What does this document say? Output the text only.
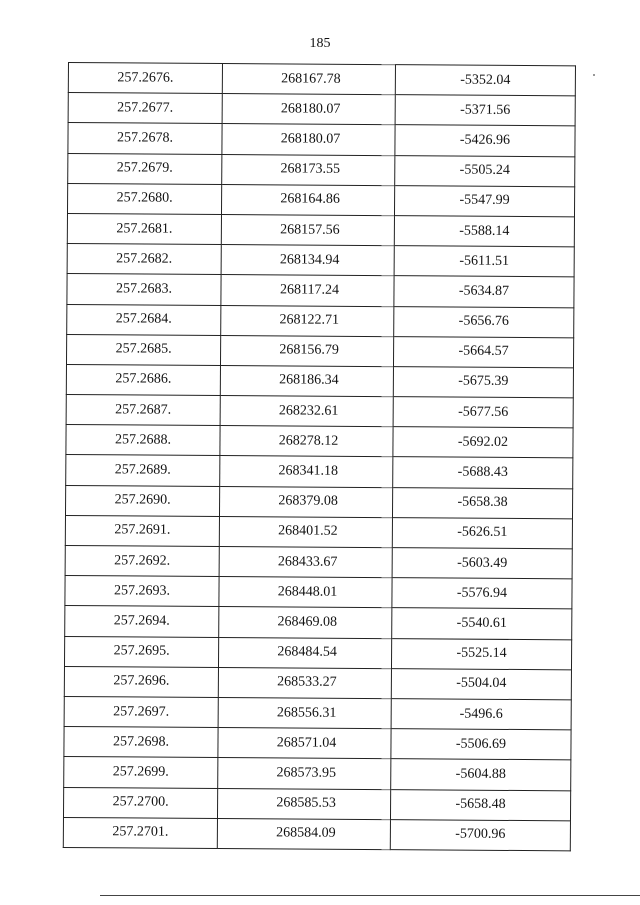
185
257.2676.	268167.78	-5352.04
257.2677.	268180.07	-5371.56
257.2678.	268180.07	-5426.96
257.2679.	268173.55	-5505.24
257.2680.	268164.86	-5547.99
257.2681.	268157.56	-5588.14
257.2682.	268134.94	-5611.51
257.2683.	268117.24	-5634.87
257.2684.	268122.71	-5656.76
257.2685.	268156.79	-5664.57
257.2686.	268186.34	-5675.39
257.2687.	268232.61	-5677.56
257.2688.	268278.12	-5692.02
257.2689.	268341.18	-5688.43
257.2690.	268379.08	-5658.38
257.2691.	268401.52	-5626.51
257.2692.	268433.67	-5603.49
257.2693.	268448.01	-5576.94
257.2694.	268469.08	-5540.61
257.2695.	268484.54	-5525.14
257.2696.	268533.27	-5504.04
257.2697.	268556.31	-5496.6
257.2698.	268571.04	-5506.69
257.2699.	268573.95	-5604.88
257.2700.	268585.53	-5658.48
257.2701.	268584.09	-5700.96
